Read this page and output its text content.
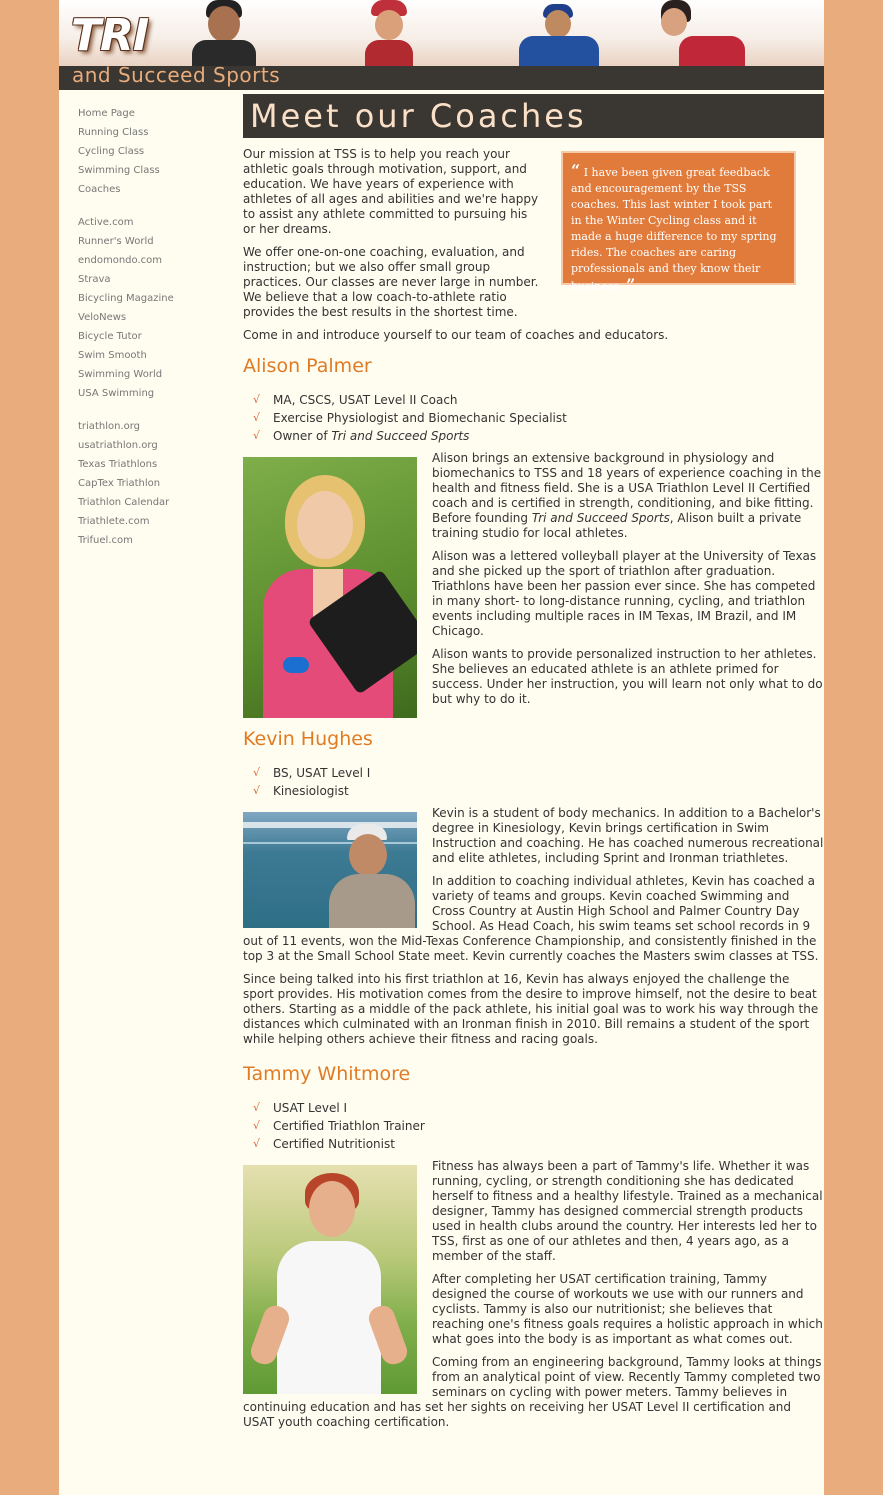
TRI
and Succeed Sports
Home Page
Running Class
Cycling Class
Swimming Class
Coaches
Active.com
Runner's World
endomondo.com
Strava
Bicycling Magazine
VeloNews
Bicycle Tutor
Swim Smooth
Swimming World
USA Swimming
triathlon.org
usatriathlon.org
Texas Triathlons
CapTex Triathlon
Triathlon Calendar
Triathlete.com
Trifuel.com
Meet our Coaches

Our mission at TSS is to help you reach your athletic goals through motivation, support, and education. We have years of experience with athletes of all ages and abilities and we're happy to assist any athlete committed to pursuing his or her dreams.

We offer one-on-one coaching, evaluation, and instruction; but we also offer small group practices. Our classes are never large in number. We believe that a low coach-to-athlete ratio provides the best results in the shortest time.

“ I have been given great feedback and encouragement by the TSS coaches. This last winter I took part in the Winter Cycling class and it made a huge difference to my spring rides. The coaches are caring professionals and they know their business. ”

Come in and introduce yourself to our team of coaches and educators.

Alison Palmer
√ MA, CSCS, USAT Level II Coach
√ Exercise Physiologist and Biomechanic Specialist
√ Owner of Tri and Succeed Sports

Alison brings an extensive background in physiology and biomechanics to TSS and 18 years of experience coaching in the health and fitness field. She is a USA Triathlon Level II Certified coach and is certified in strength, conditioning, and bike fitting. Before founding Tri and Succeed Sports, Alison built a private training studio for local athletes.

Alison was a lettered volleyball player at the University of Texas and she picked up the sport of triathlon after graduation. Triathlons have been her passion ever since. She has competed in many short- to long-distance running, cycling, and triathlon events including multiple races in IM Texas, IM Brazil, and IM Chicago.

Alison wants to provide personalized instruction to her athletes. She believes an educated athlete is an athlete primed for success. Under her instruction, you will learn not only what to do but why to do it.

Kevin Hughes
√ BS, USAT Level I
√ Kinesiologist

Kevin is a student of body mechanics. In addition to a Bachelor's degree in Kinesiology, Kevin brings certification in Swim Instruction and coaching. He has coached numerous recreational and elite athletes, including Sprint and Ironman triathletes.

In addition to coaching individual athletes, Kevin has coached a variety of teams and groups. Kevin coached Swimming and Cross Country at Austin High School and Palmer Country Day School. As Head Coach, his swim teams set school records in 9 out of 11 events, won the Mid-Texas Conference Championship, and consistently finished in the top 3 at the Small School State meet. Kevin currently coaches the Masters swim classes at TSS.

Since being talked into his first triathlon at 16, Kevin has always enjoyed the challenge the sport provides. His motivation comes from the desire to improve himself, not the desire to beat others. Starting as a middle of the pack athlete, his initial goal was to work his way through the distances which culminated with an Ironman finish in 2010. Bill remains a student of the sport while helping others achieve their fitness and racing goals.

Tammy Whitmore
√ USAT Level I
√ Certified Triathlon Trainer
√ Certified Nutritionist

Fitness has always been a part of Tammy's life. Whether it was running, cycling, or strength conditioning she has dedicated herself to fitness and a healthy lifestyle. Trained as a mechanical designer, Tammy has designed commercial strength products used in health clubs around the country. Her interests led her to TSS, first as one of our athletes and then, 4 years ago, as a member of the staff.

After completing her USAT certification training, Tammy designed the course of workouts we use with our runners and cyclists. Tammy is also our nutritionist; she believes that reaching one's fitness goals requires a holistic approach in which what goes into the body is as important as what comes out.

Coming from an engineering background, Tammy looks at things from an analytical point of view. Recently Tammy completed two seminars on cycling with power meters. Tammy believes in continuing education and has set her sights on receiving her USAT Level II certification and USAT youth coaching certification.
